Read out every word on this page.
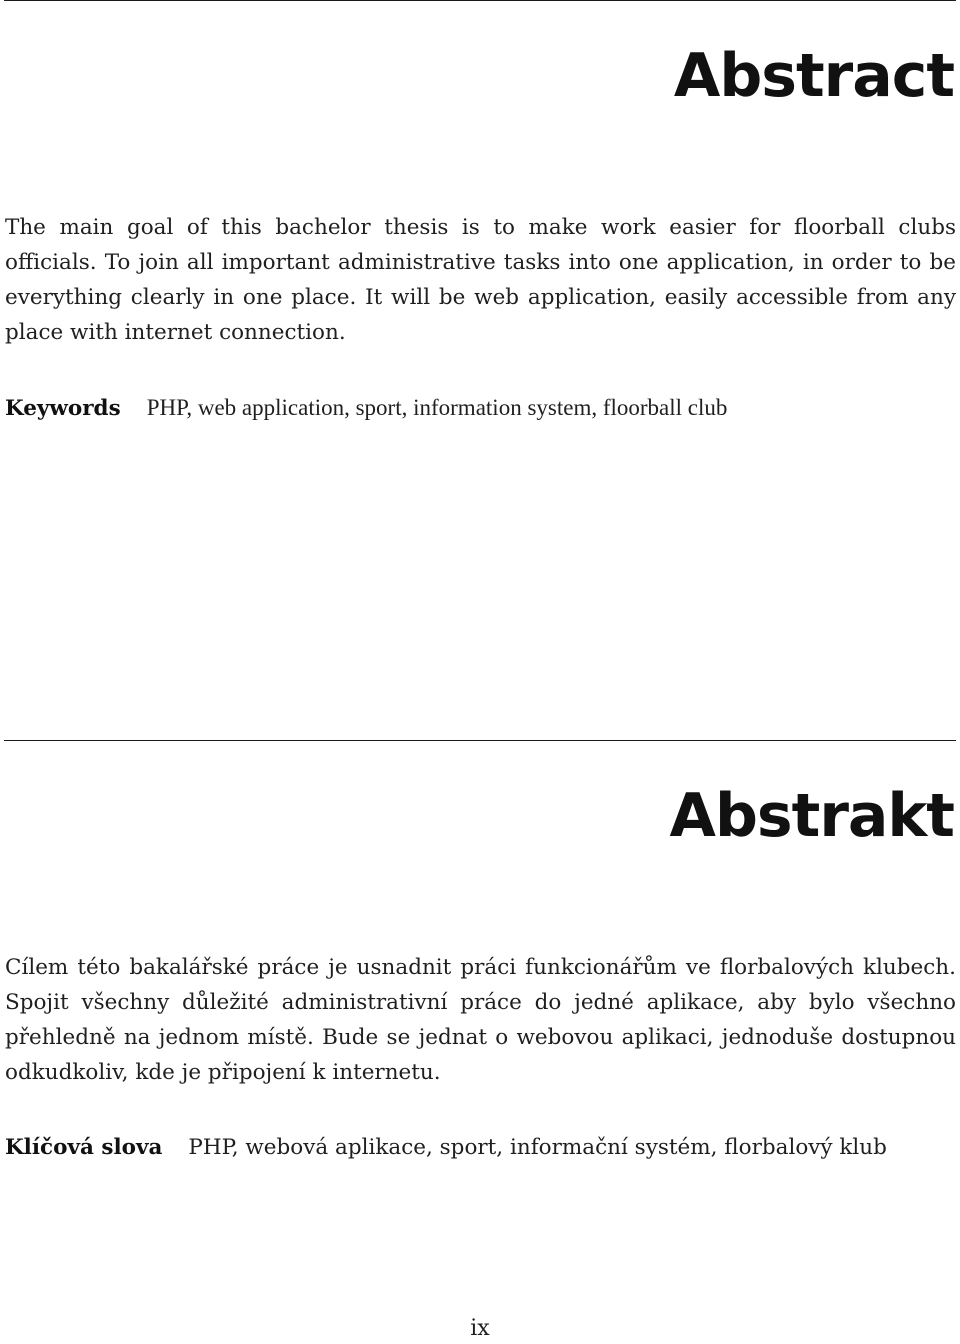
Abstract

The main goal of this bachelor thesis is to make work easier for floorball clubs officials. To join all important administrative tasks into one application, in order to be everything clearly in one place. It will be web application, easily accessible from any place with internet connection.

Keywords PHP, web application, sport, information system, floorball club

Abstrakt

Cílem této bakalářské práce je usnadnit práci funkcionářům ve florbalových klubech. Spojit všechny důležité administrativní práce do jedné aplikace, aby bylo všechno přehledně na jednom místě. Bude se jednat o webovou aplikaci, jednoduše dostupnou odkudkoliv, kde je připojení k internetu.

Klíčová slova PHP, webová aplikace, sport, informační systém, florbalový klub

ix
